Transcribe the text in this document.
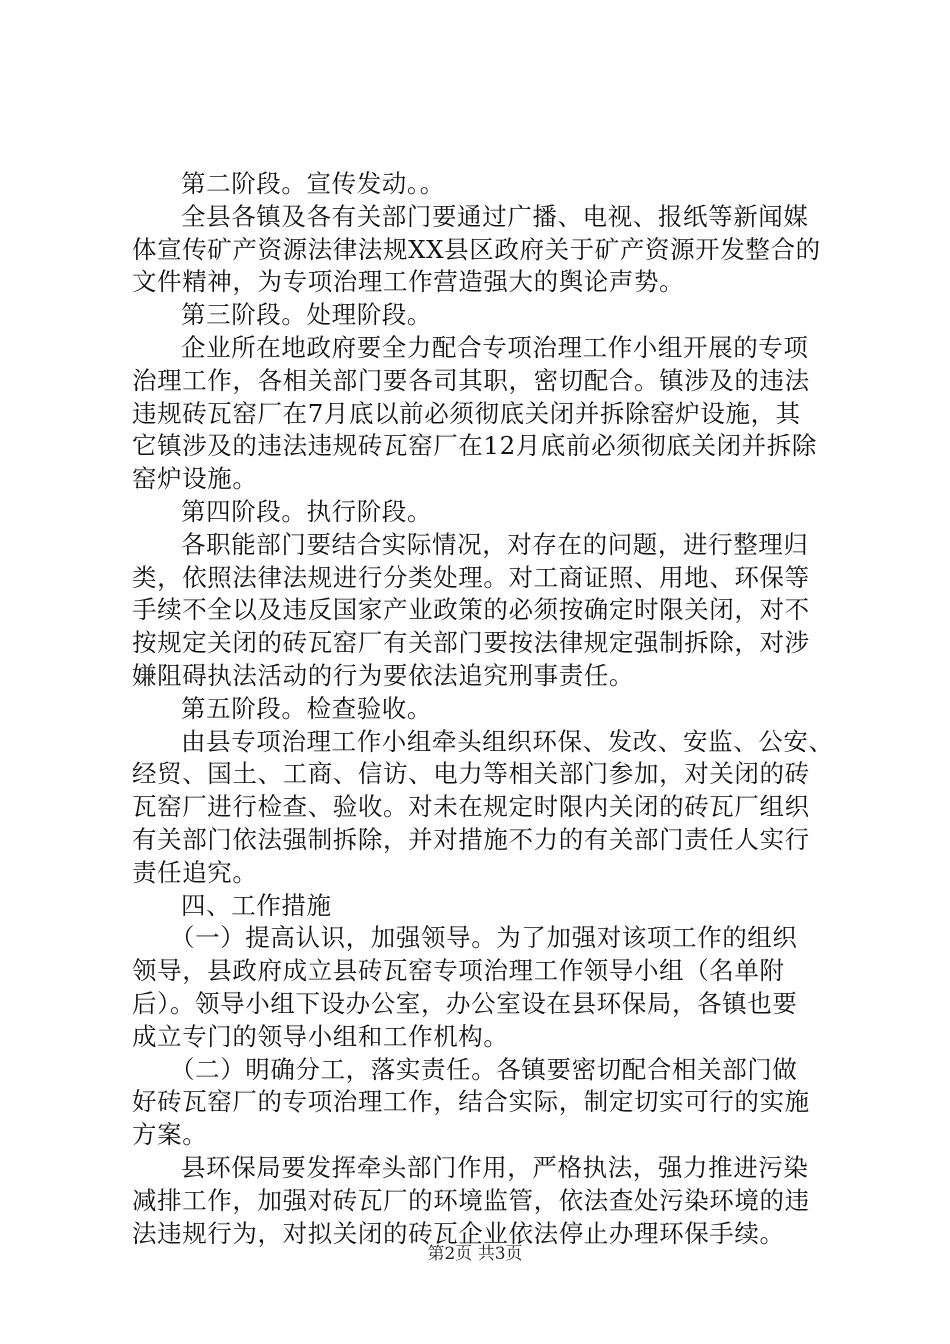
第二阶段。宣传发动。。
全县各镇及各有关部门要通过广播、电视、报纸等新闻媒
体宣传矿产资源法律法规XX县区政府关于矿产资源开发整合的
文件精神，为专项治理工作营造强大的舆论声势。
第三阶段。处理阶段。
企业所在地政府要全力配合专项治理工作小组开展的专项
治理工作，各相关部门要各司其职，密切配合。镇涉及的违法
违规砖瓦窑厂在7月底以前必须彻底关闭并拆除窑炉设施，其
它镇涉及的违法违规砖瓦窑厂在12月底前必须彻底关闭并拆除
窑炉设施。
第四阶段。执行阶段。
各职能部门要结合实际情况，对存在的问题，进行整理归
类，依照法律法规进行分类处理。对工商证照、用地、环保等
手续不全以及违反国家产业政策的必须按确定时限关闭，对不
按规定关闭的砖瓦窑厂有关部门要按法律规定强制拆除，对涉
嫌阻碍执法活动的行为要依法追究刑事责任。
第五阶段。检查验收。
由县专项治理工作小组牵头组织环保、发改、安监、公安、
经贸、国土、工商、信访、电力等相关部门参加，对关闭的砖
瓦窑厂进行检查、验收。对未在规定时限内关闭的砖瓦厂组织
有关部门依法强制拆除，并对措施不力的有关部门责任人实行
责任追究。
四、工作措施
（一）提高认识，加强领导。为了加强对该项工作的组织
领导，县政府成立县砖瓦窑专项治理工作领导小组（名单附
后）。领导小组下设办公室，办公室设在县环保局，各镇也要
成立专门的领导小组和工作机构。
（二）明确分工，落实责任。各镇要密切配合相关部门做
好砖瓦窑厂的专项治理工作，结合实际，制定切实可行的实施
方案。
县环保局要发挥牵头部门作用，严格执法，强力推进污染
减排工作，加强对砖瓦厂的环境监管，依法查处污染环境的违
法违规行为，对拟关闭的砖瓦企业依法停止办理环保手续。
第2页 共3页
